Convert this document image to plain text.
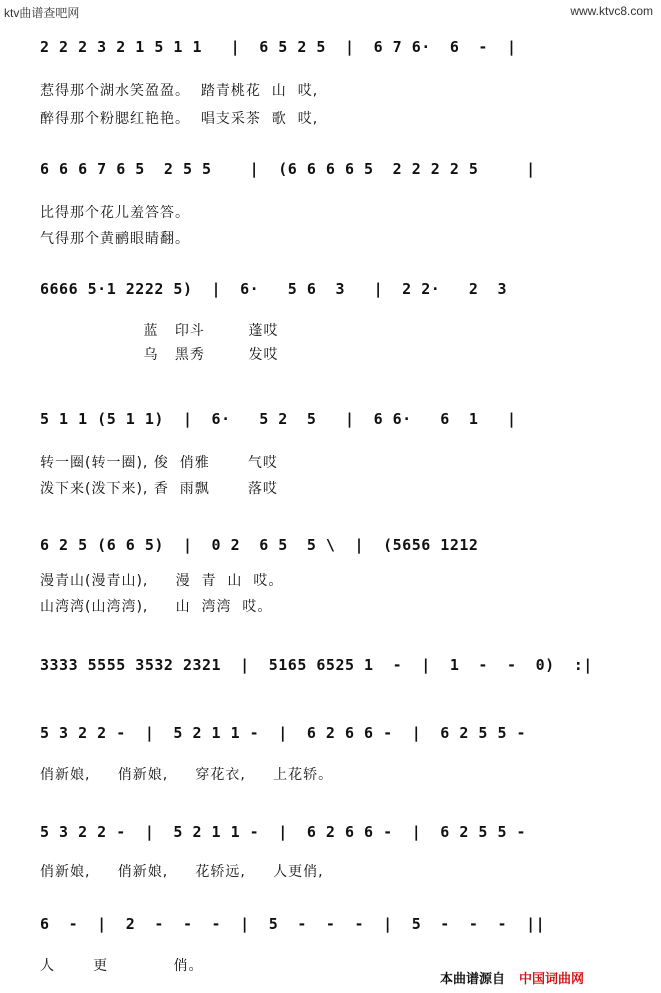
ktv曲谱查吧网	www.ktvc8.com
2 2 2 3 2 1 5 1 1   |  6 5 2 5  |  6 7 6·  6  -  |
惹得那个湖水笑盈盈。  踏青桃花  山  哎,
醉得那个粉腮红艳艳。  唱支采茶  歌  哎,
6 6 6 7 6 5  2 5 5    |  (6 6 6 6 5  2 2 2 2 5     |
比得那个花儿羞答答。
气得那个黄鹂眼睛翻。
6666 5·1 2222 5)  |  6·   5 6  3   |  2 2·   2  3
蓝   印斗        蓬哎
乌   黑秀        发哎
5 1 1 (5 1 1)  |  6·   5 2  5   |  6 6·   6  1   |
转一圈(转一圈), 俊  俏雅       气哎
泼下来(泼下来), 香  雨飘       落哎
6 2 5 (6 6 5)  |  0 2  6 5  5 \  |  (5656 1212
漫青山(漫青山),     漫  青  山  哎。
山湾湾(山湾湾),     山  湾湾  哎。
3333 5555 3532 2321  |  5165 6525 1  -  |  1  -  -  0)  :|
5 3 2 2 -  |  5 2 1 1 -  |  6 2 6 6 -  |  6 2 5 5 -
俏新娘,     俏新娘,     穿花衣,     上花轿。
5 3 2 2 -  |  5 2 1 1 -  |  6 2 6 6 -  |  6 2 5 5 -
俏新娘,     俏新娘,     花轿远,     人更俏,
6  -  |  2  -  -  -  |  5  -  -  -  |  5  -  -  -  ||
人       更            俏。
本曲谱源自 中国词曲网
